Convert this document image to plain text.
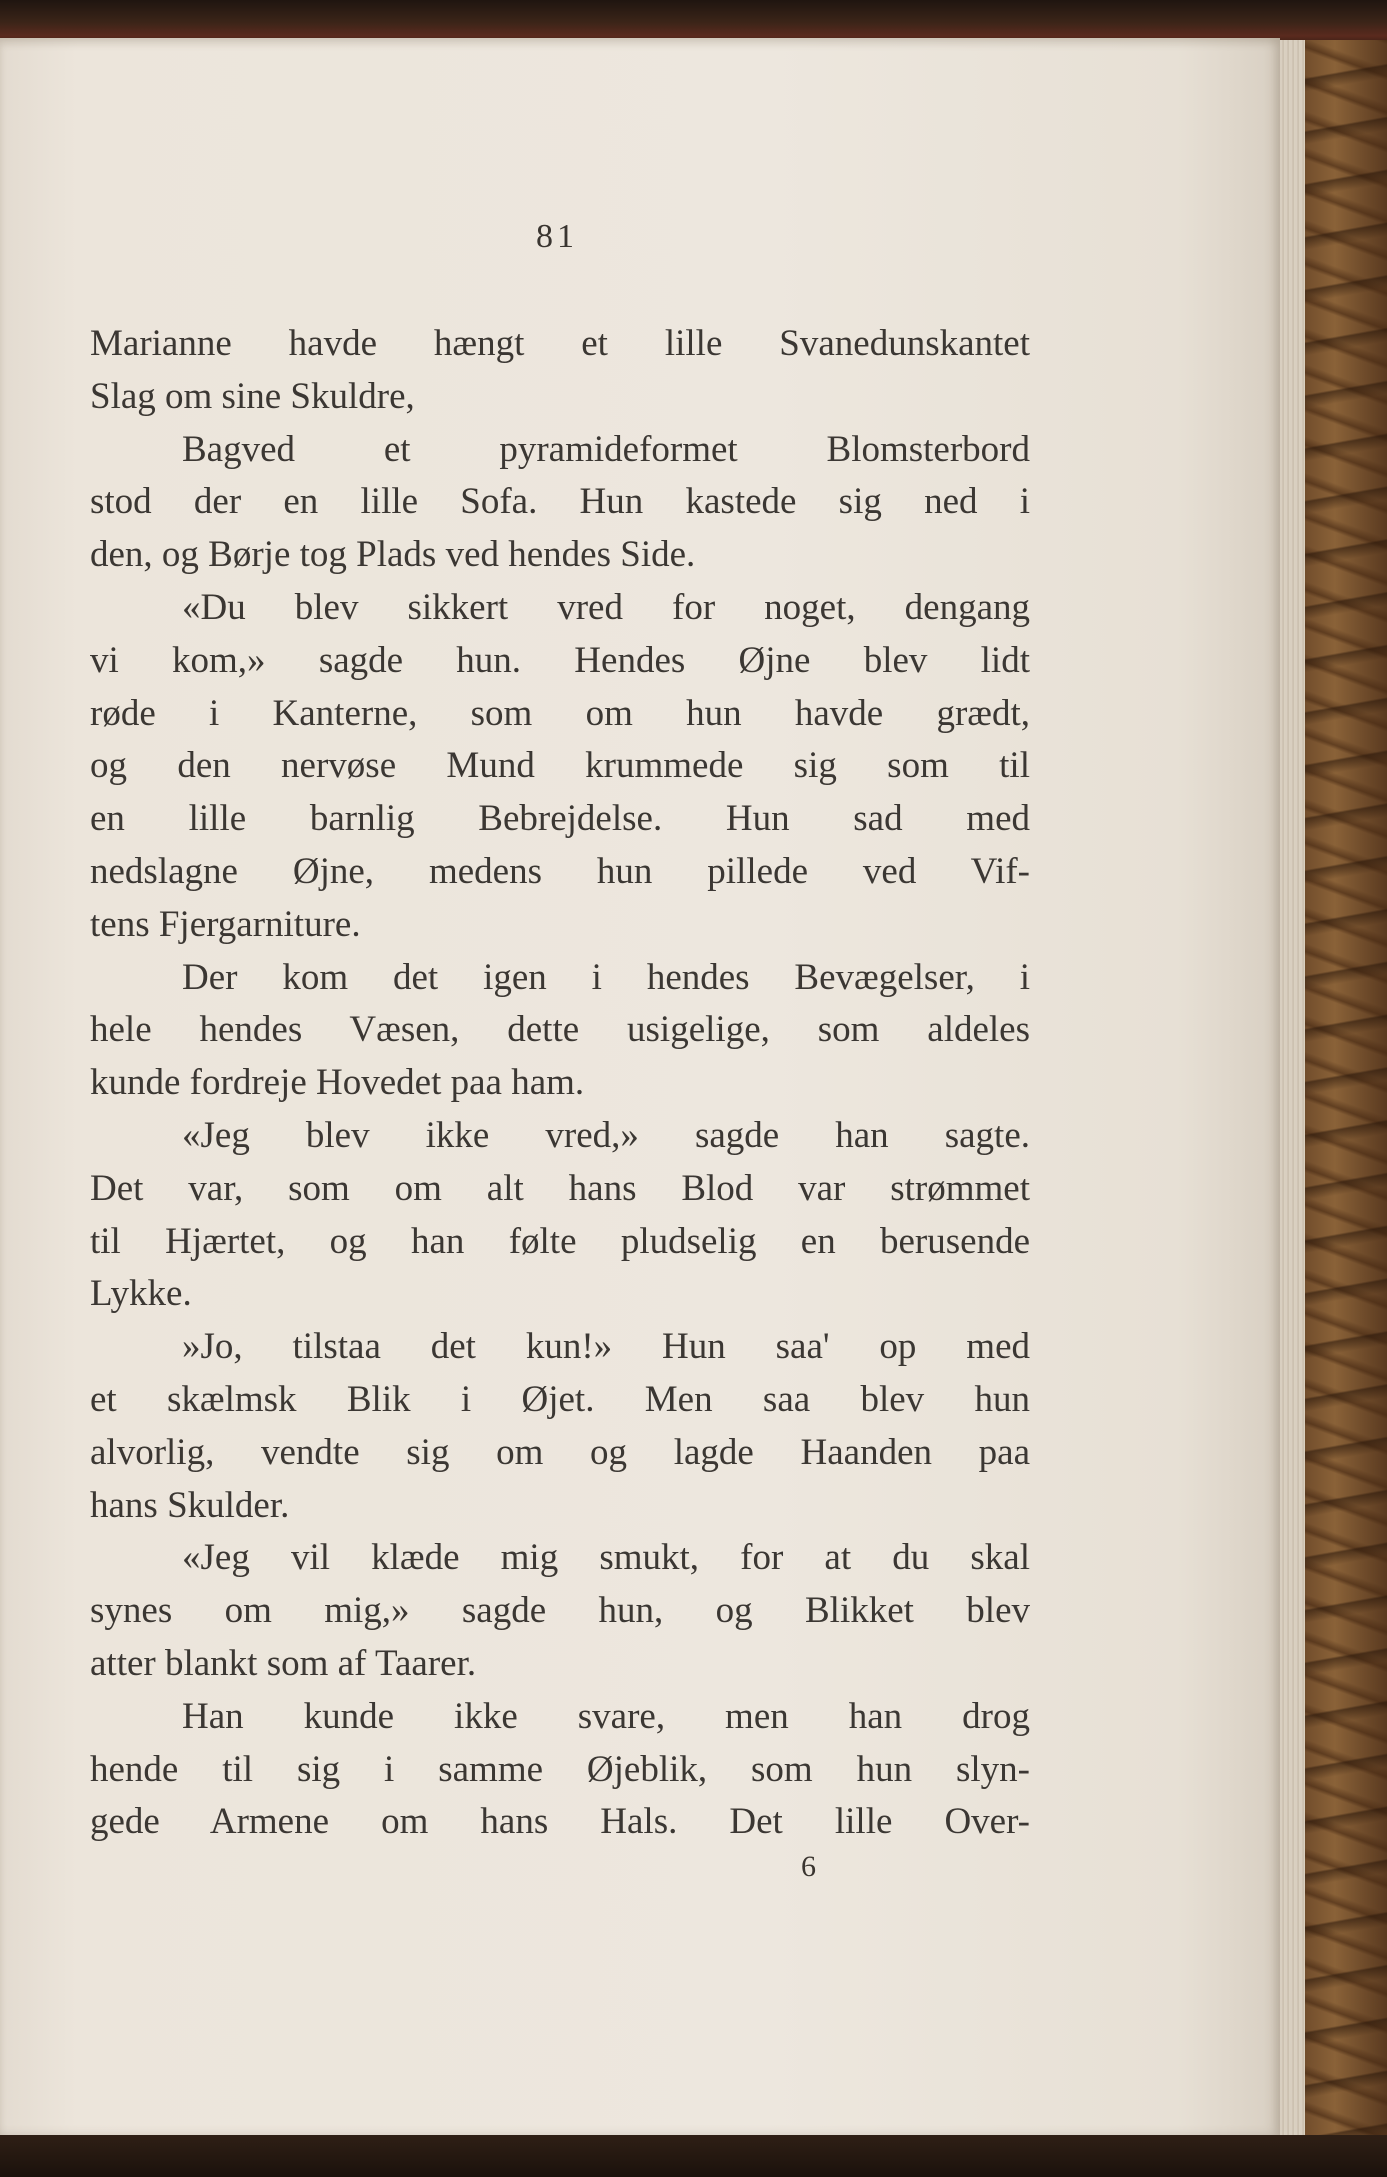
81
Marianne havde hængt et lille Svanedunskantet
Slag om sine Skuldre,
Bagved et pyramideformet Blomsterbord
stod der en lille Sofa. Hun kastede sig ned i
den, og Børje tog Plads ved hendes Side.
«Du blev sikkert vred for noget, dengang
vi kom,» sagde hun. Hendes Øjne blev lidt
røde i Kanterne, som om hun havde grædt,
og den nervøse Mund krummede sig som til
en lille barnlig Bebrejdelse. Hun sad med
nedslagne Øjne, medens hun pillede ved Vif-
tens Fjergarniture.
Der kom det igen i hendes Bevægelser, i
hele hendes Væsen, dette usigelige, som aldeles
kunde fordreje Hovedet paa ham.
«Jeg blev ikke vred,» sagde han sagte.
Det var, som om alt hans Blod var strømmet
til Hjærtet, og han følte pludselig en berusende
Lykke.
»Jo, tilstaa det kun!» Hun saa' op med
et skælmsk Blik i Øjet. Men saa blev hun
alvorlig, vendte sig om og lagde Haanden paa
hans Skulder.
«Jeg vil klæde mig smukt, for at du skal
synes om mig,» sagde hun, og Blikket blev
atter blankt som af Taarer.
Han kunde ikke svare, men han drog
hende til sig i samme Øjeblik, som hun slyn-
gede Armene om hans Hals. Det lille Over-
6
